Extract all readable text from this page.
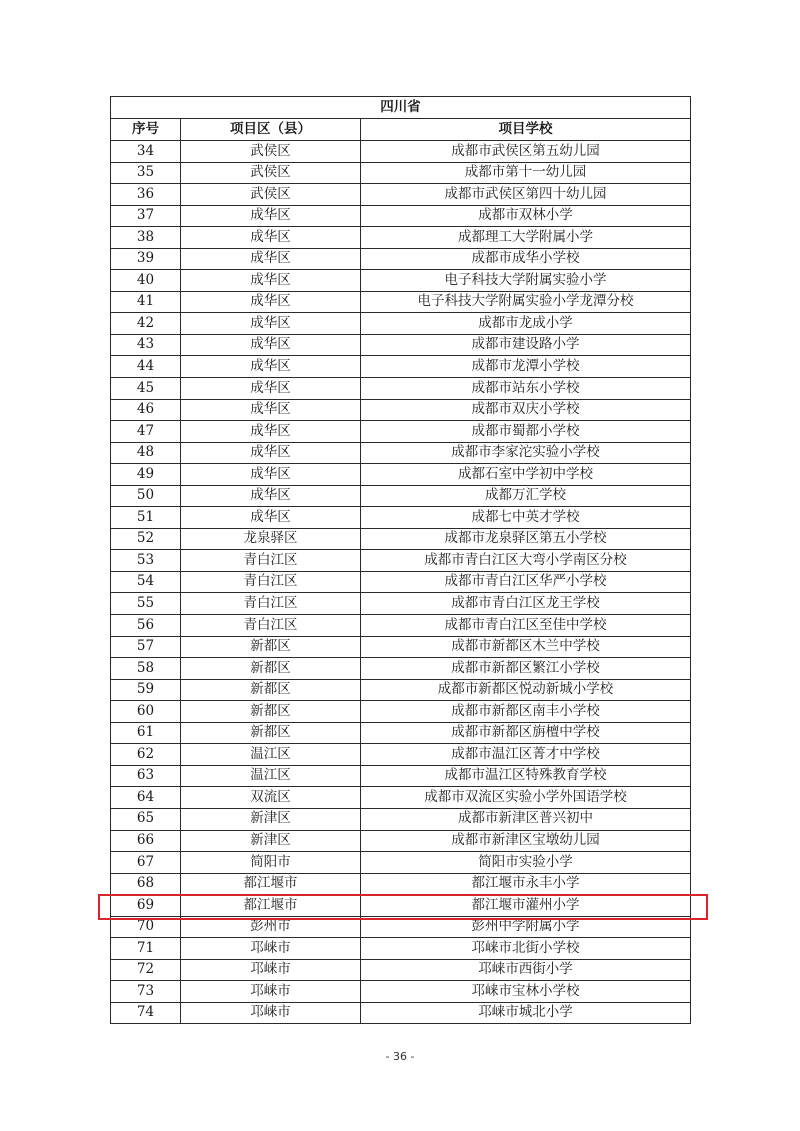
四川省		
序号	项目区（县）	项目学校
34	武侯区	成都市武侯区第五幼儿园
35	武侯区	成都市第十一幼儿园
36	武侯区	成都市武侯区第四十幼儿园
37	成华区	成都市双林小学
38	成华区	成都理工大学附属小学
39	成华区	成都市成华小学校
40	成华区	电子科技大学附属实验小学
41	成华区	电子科技大学附属实验小学龙潭分校
42	成华区	成都市龙成小学
43	成华区	成都市建设路小学
44	成华区	成都市龙潭小学校
45	成华区	成都市站东小学校
46	成华区	成都市双庆小学校
47	成华区	成都市蜀都小学校
48	成华区	成都市李家沱实验小学校
49	成华区	成都石室中学初中学校
50	成华区	成都万汇学校
51	成华区	成都七中英才学校
52	龙泉驿区	成都市龙泉驿区第五小学校
53	青白江区	成都市青白江区大弯小学南区分校
54	青白江区	成都市青白江区华严小学校
55	青白江区	成都市青白江区龙王学校
56	青白江区	成都市青白江区至佳中学校
57	新都区	成都市新都区木兰中学校
58	新都区	成都市新都区繁江小学校
59	新都区	成都市新都区悦动新城小学校
60	新都区	成都市新都区南丰小学校
61	新都区	成都市新都区旃檀中学校
62	温江区	成都市温江区菁才中学校
63	温江区	成都市温江区特殊教育学校
64	双流区	成都市双流区实验小学外国语学校
65	新津区	成都市新津区普兴初中
66	新津区	成都市新津区宝墩幼儿园
67	简阳市	简阳市实验小学
68	都江堰市	都江堰市永丰小学
69	都江堰市	都江堰市灌州小学
70	彭州市	彭州中学附属小学
71	邛崃市	邛崃市北街小学校
72	邛崃市	邛崃市西街小学
73	邛崃市	邛崃市宝林小学校
74	邛崃市	邛崃市城北小学
- 36 -
